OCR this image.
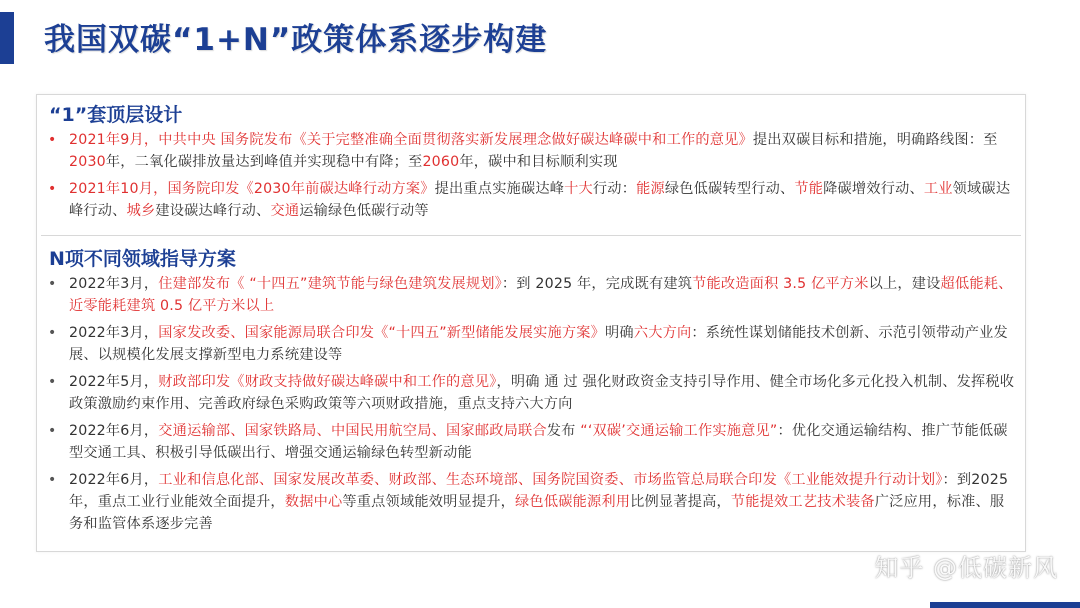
我国双碳“1+N”政策体系逐步构建
“1”套顶层设计
• 2021年9月，中共中央 国务院发布《关于完整准确全面贯彻落实新发展理念做好碳达峰碳中和工作的意见》提出双碳目标和措施，明确路线图：至2030年，二氧化碳排放量达到峰值并实现稳中有降；至2060年，碳中和目标顺利实现
• 2021年10月，国务院印发《2030年前碳达峰行动方案》提出重点实施碳达峰十大行动：能源绿色低碳转型行动、节能降碳增效行动、工业领域碳达峰行动、城乡建设碳达峰行动、交通运输绿色低碳行动等
N项不同领域指导方案
• 2022年3月，住建部发布《 “十四五”建筑节能与绿色建筑发展规划》：到 2025 年，完成既有建筑节能改造面积 3.5 亿平方米以上，建设超低能耗、近零能耗建筑 0.5 亿平方米以上
• 2022年3月，国家发改委、国家能源局联合印发《“十四五”新型储能发展实施方案》明确六大方向：系统性谋划储能技术创新、示范引领带动产业发展、以规模化发展支撑新型电力系统建设等
• 2022年5月，财政部印发《财政支持做好碳达峰碳中和工作的意见》，明确 通 过 强化财政资金支持引导作用、健全市场化多元化投入机制、发挥税收政策激励约束作用、完善政府绿色采购政策等六项财政措施，重点支持六大方向
• 2022年6月，交通运输部、国家铁路局、中国民用航空局、国家邮政局联合发布 “‘双碳’交通运输工作实施意见”：优化交通运输结构、推广节能低碳型交通工具、积极引导低碳出行、增强交通运输绿色转型新动能
• 2022年6月，工业和信息化部、国家发展改革委、财政部、生态环境部、国务院国资委、市场监管总局联合印发《工业能效提升行动计划》：到2025年，重点工业行业能效全面提升，数据中心等重点领域能效明显提升，绿色低碳能源利用比例显著提高，节能提效工艺技术装备广泛应用，标准、服务和监管体系逐步完善
知乎 @低碳新风
